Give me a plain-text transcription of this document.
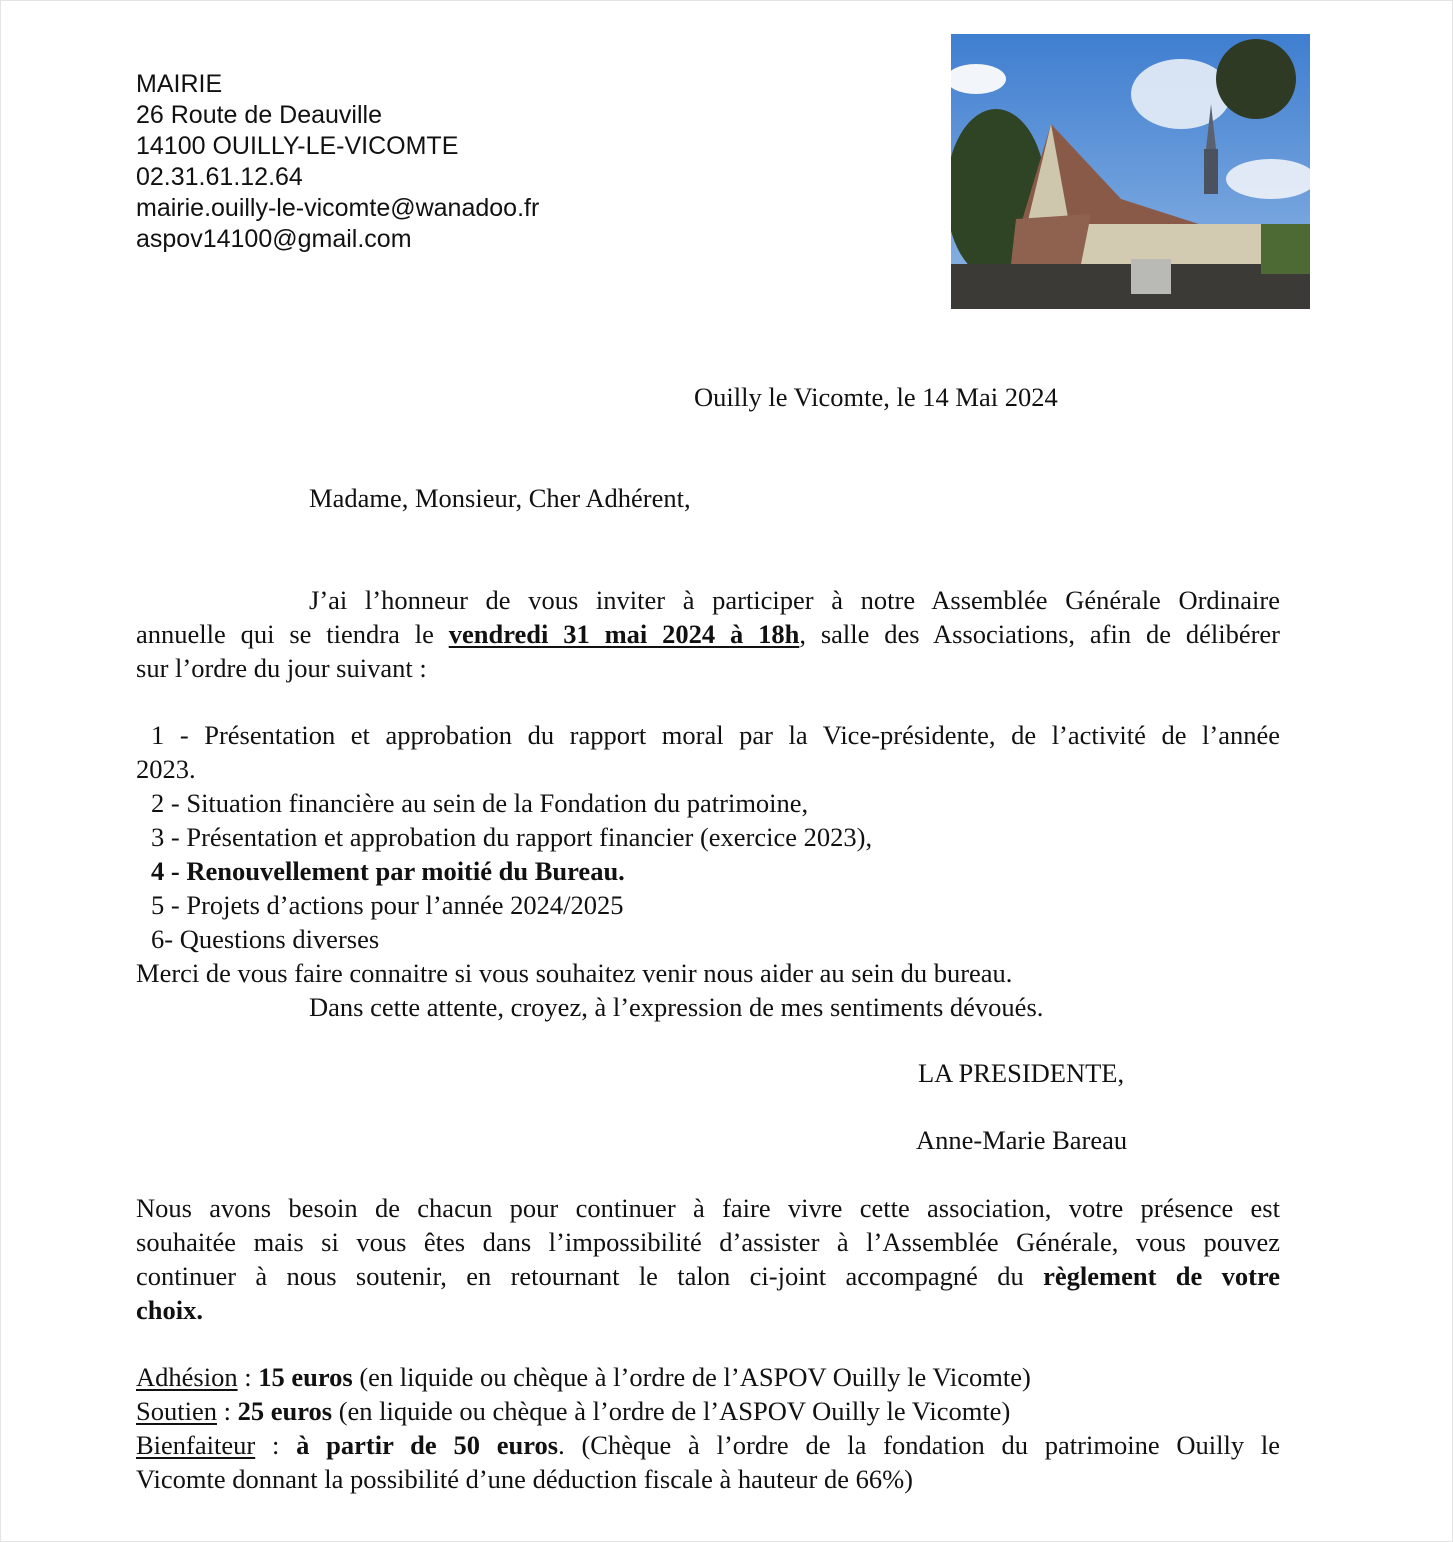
MAIRIE
26 Route de Deauville
14100 OUILLY-LE-VICOMTE
02.31.61.12.64
mairie.ouilly-le-vicomte@wanadoo.fr
aspov14100@gmail.com
Ouilly le Vicomte, le 14 Mai 2024
Madame, Monsieur, Cher Adhérent,
J’ai l’honneur de vous inviter à participer à notre Assemblée Générale Ordinaire
annuelle qui se tiendra le vendredi 31 mai 2024 à 18h, salle des Associations, afin de délibérer
sur l’ordre du jour suivant :
1 - Présentation et approbation du rapport moral par la Vice-présidente, de l’activité de l’année
2023.
2 - Situation financière au sein de la Fondation du patrimoine,
3 - Présentation et approbation du rapport financier (exercice 2023),
4 - Renouvellement par moitié du Bureau.
5 - Projets d’actions pour l’année 2024/2025
6- Questions diverses
Merci de vous faire connaitre si vous souhaitez venir nous aider au sein du bureau.
Dans cette attente, croyez, à l’expression de mes sentiments dévoués.
LA PRESIDENTE,
Anne-Marie Bareau
Nous avons besoin de chacun pour continuer à faire vivre cette association, votre présence est
souhaitée mais si vous êtes dans l’impossibilité d’assister à l’Assemblée Générale, vous pouvez
continuer à nous soutenir, en retournant le talon ci-joint accompagné du règlement de votre
choix.
Adhésion : 15 euros (en liquide ou chèque à l’ordre de l’ASPOV Ouilly le Vicomte)
Soutien : 25 euros (en liquide ou chèque à l’ordre de l’ASPOV Ouilly le Vicomte)
Bienfaiteur : à partir de 50 euros. (Chèque à l’ordre de la fondation du patrimoine Ouilly le
Vicomte donnant la possibilité d’une déduction fiscale à hauteur de 66%)
